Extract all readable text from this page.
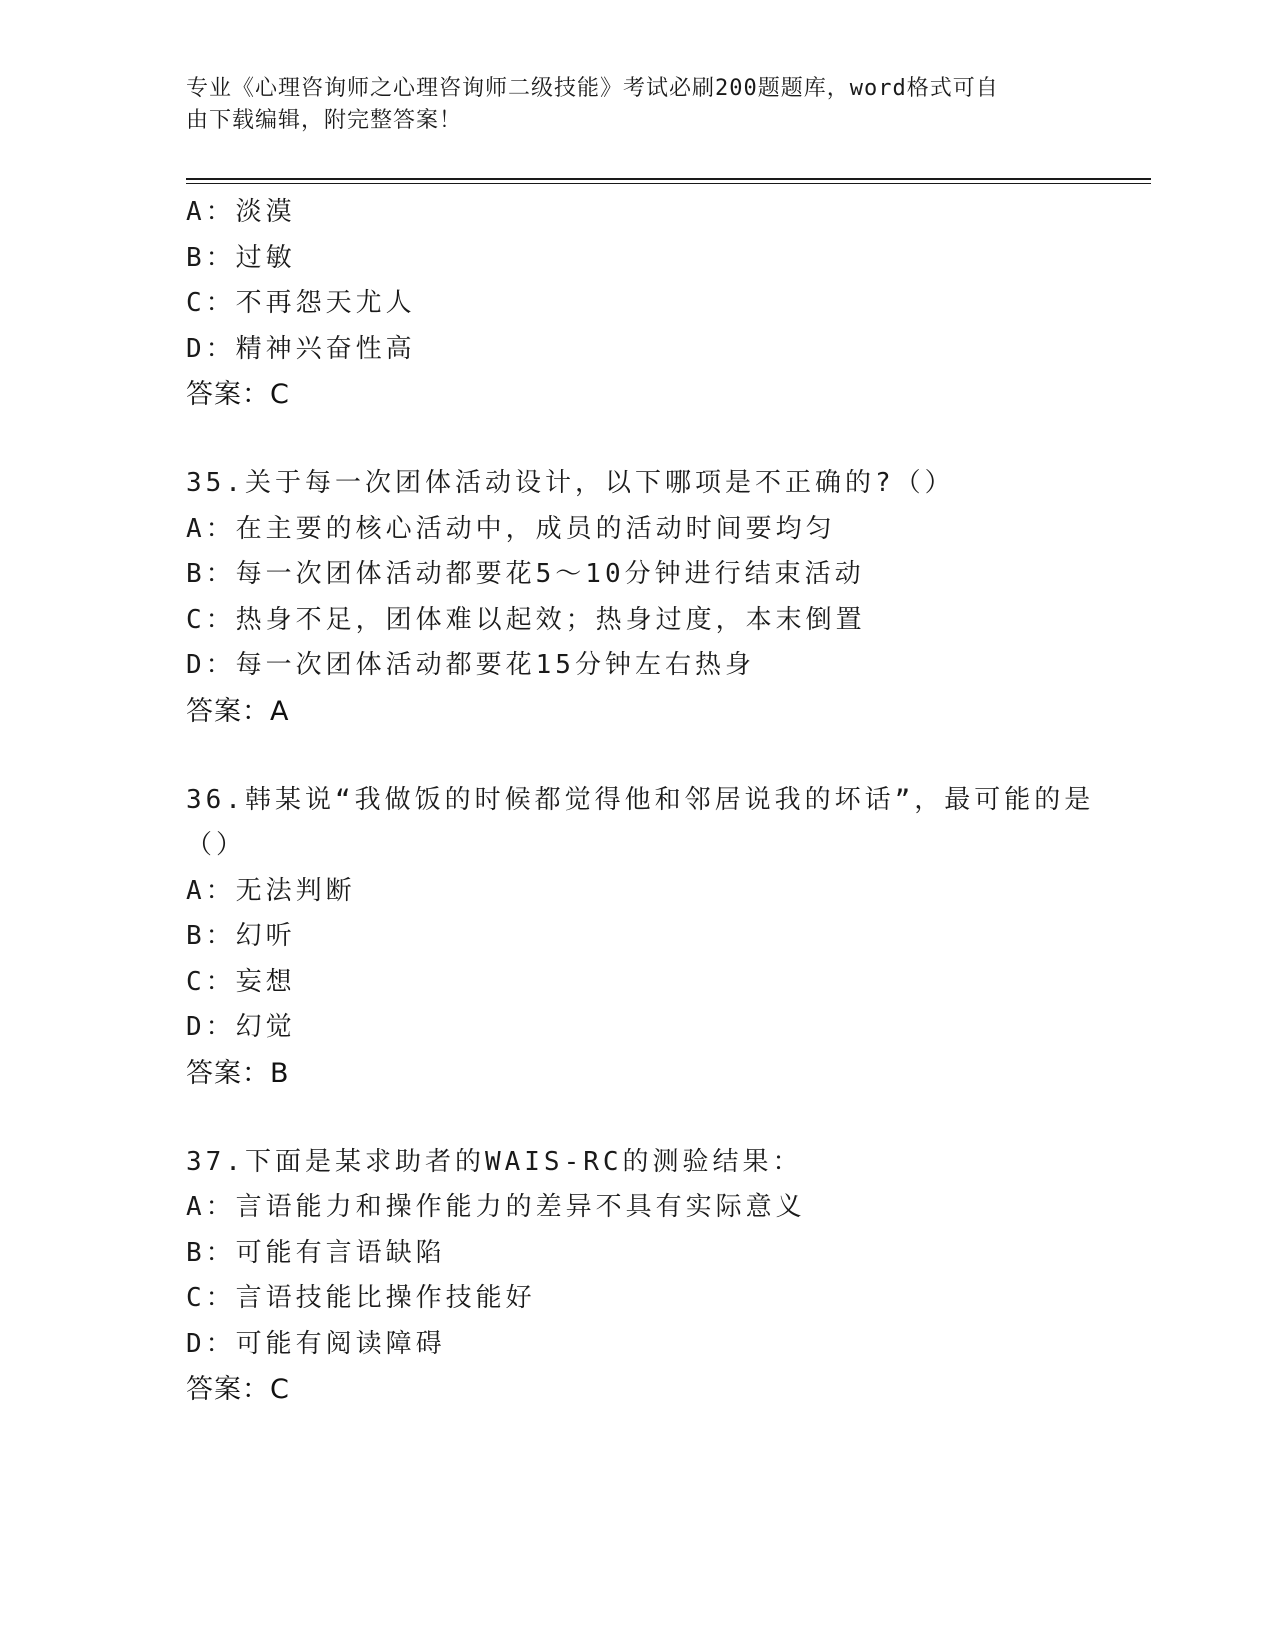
专业《心理咨询师之心理咨询师二级技能》考试必刷200题题库，word格式可自
由下载编辑，附完整答案！
A：淡漠
B：过敏
C：不再怨天尤人
D：精神兴奋性高
答案：C
35.关于每一次团体活动设计，以下哪项是不正确的?（）
A：在主要的核心活动中，成员的活动时间要均匀
B：每一次团体活动都要花5～10分钟进行结束活动
C：热身不足，团体难以起效；热身过度，本末倒置
D：每一次团体活动都要花15分钟左右热身
答案：A
36.韩某说“我做饭的时候都觉得他和邻居说我的坏话”，最可能的是
（）
A：无法判断
B：幻听
C：妄想
D：幻觉
答案：B
37.下面是某求助者的WAIS-RC的测验结果：
A：言语能力和操作能力的差异不具有实际意义
B：可能有言语缺陷
C：言语技能比操作技能好
D：可能有阅读障碍
答案：C
